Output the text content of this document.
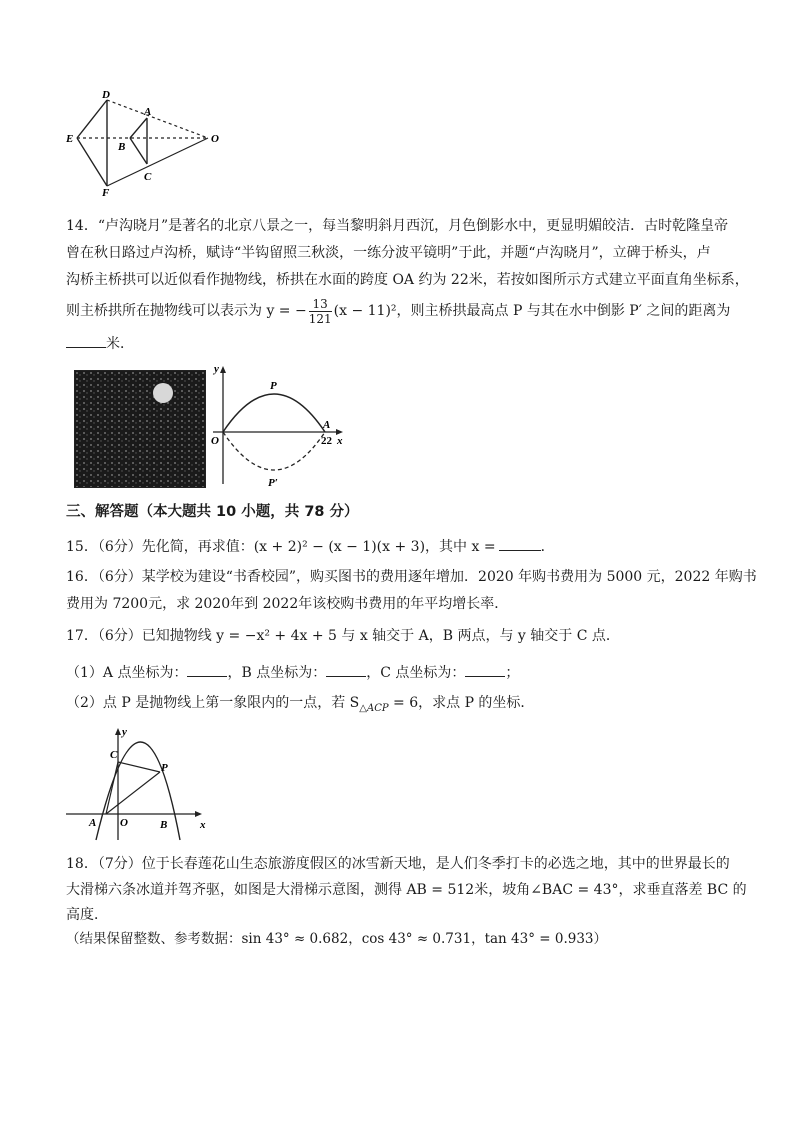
D
A
E
B
O
C
F
14．“卢沟晓月”是著名的北京八景之一，每当黎明斜月西沉，月色倒影水中，更显明媚皎洁．古时乾隆皇帝
曾在秋日路过卢沟桥，赋诗“半钩留照三秋淡，一练分波平镜明”于此，并题“卢沟晓月”，立碑于桥头，卢
沟桥主桥拱可以近似看作抛物线，桥拱在水面的跨度 OA 约为 22米，若按如图所示方式建立平面直角坐标系，
则主桥拱所在抛物线可以表示为 y = − $\frac{13}{121} (x - 11)^2$，则主桥拱最高点 P 与其在水中倒影 P′ 之间的距离为
米．
y
P
O
A
22 x
P′
三、解答题（本大题共 10 小题，共 78 分）
15．（6分）先化简，再求值：(x + 2)² − (x − 1)(x + 3)，其中 x =	．
16．（6分）某学校为建设“书香校园”，购买图书的费用逐年增加．2020 年购书费用为 5000 元，2022 年购书
费用为 7200元，求 2020年到 2022年该校购书费用的年平均增长率．
17．（6分）已知抛物线 y = −x² + 4x + 5 与 x 轴交于 A，B 两点，与 y 轴交于 C 点．
（1）A 点坐标为：	，B 点坐标为：	，C 点坐标为：	；
（2）点 P 是抛物线上第一象限内的一点，若 $S_{\triangle ACP} = 6$，求点 P 的坐标．
y
C
P
A O	B	x
18．（7分）位于长春莲花山生态旅游度假区的冰雪新天地，是人们冬季打卡的必选之地，其中的世界最长的
大滑梯六条冰道并驾齐驱，如图是大滑梯示意图，测得 AB = 512米，坡角∠BAC = 43°，求垂直落差 BC 的
高度．
（结果保留整数、参考数据：sin 43° ≈ 0.682，cos 43° ≈ 0.731，tan 43° = 0.933）
